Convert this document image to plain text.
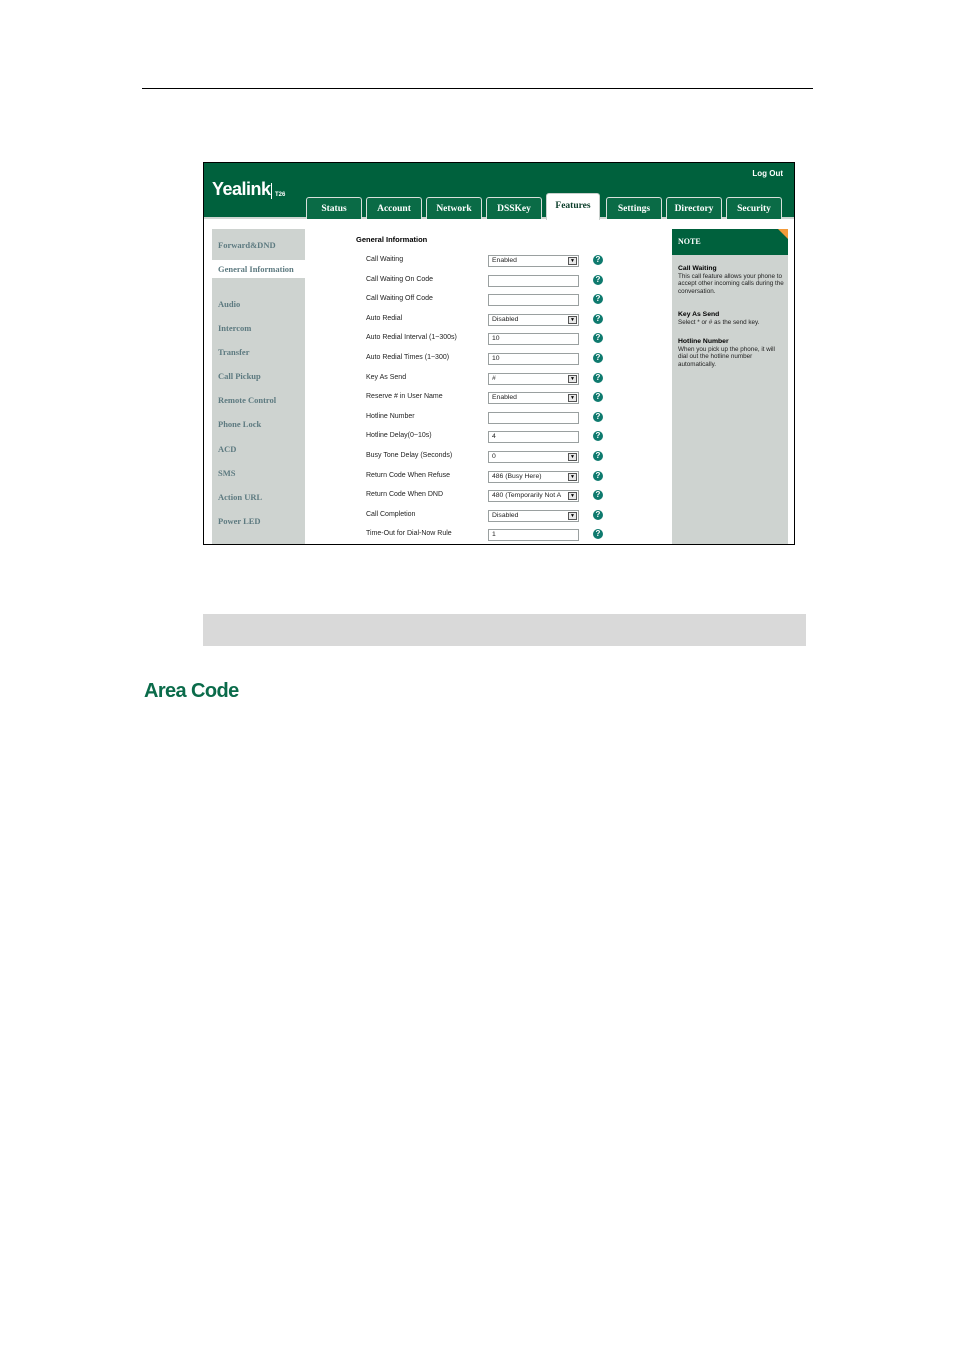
Yealink T26
Log Out
Status	Account	Network	DSSKey	Features	Settings	Directory	Security
Forward&DND
General Information
Audio
Intercom
Transfer
Call Pickup
Remote Control
Phone Lock
ACD
SMS
Action URL
Power LED
General Information
Call Waiting	Enabled	▼	?
Call Waiting On Code	?
Call Waiting Off Code	?
Auto Redial	Disabled	▼	?
Auto Redial Interval (1~300s)	10	?
Auto Redial Times (1~300)	10	?
Key As Send	#	▼	?
Reserve # in User Name	Enabled	▼	?
Hotline Number	?
Hotline Delay(0~10s)	4	?
Busy Tone Delay (Seconds)	0	▼	?
Return Code When Refuse	486 (Busy Here)	▼	?
Return Code When DND	480 (Temporarily Not A	▼	?
Call Completion	Disabled	▼	?
Time-Out for Dial-Now Rule	1	?
NOTE
Call Waiting
This call feature allows your phone to accept other incoming calls during the conversation.
Key As Send
Select * or # as the send key.
Hotline Number
When you pick up the phone, it will dial out the hotline number automatically.
Area Code
